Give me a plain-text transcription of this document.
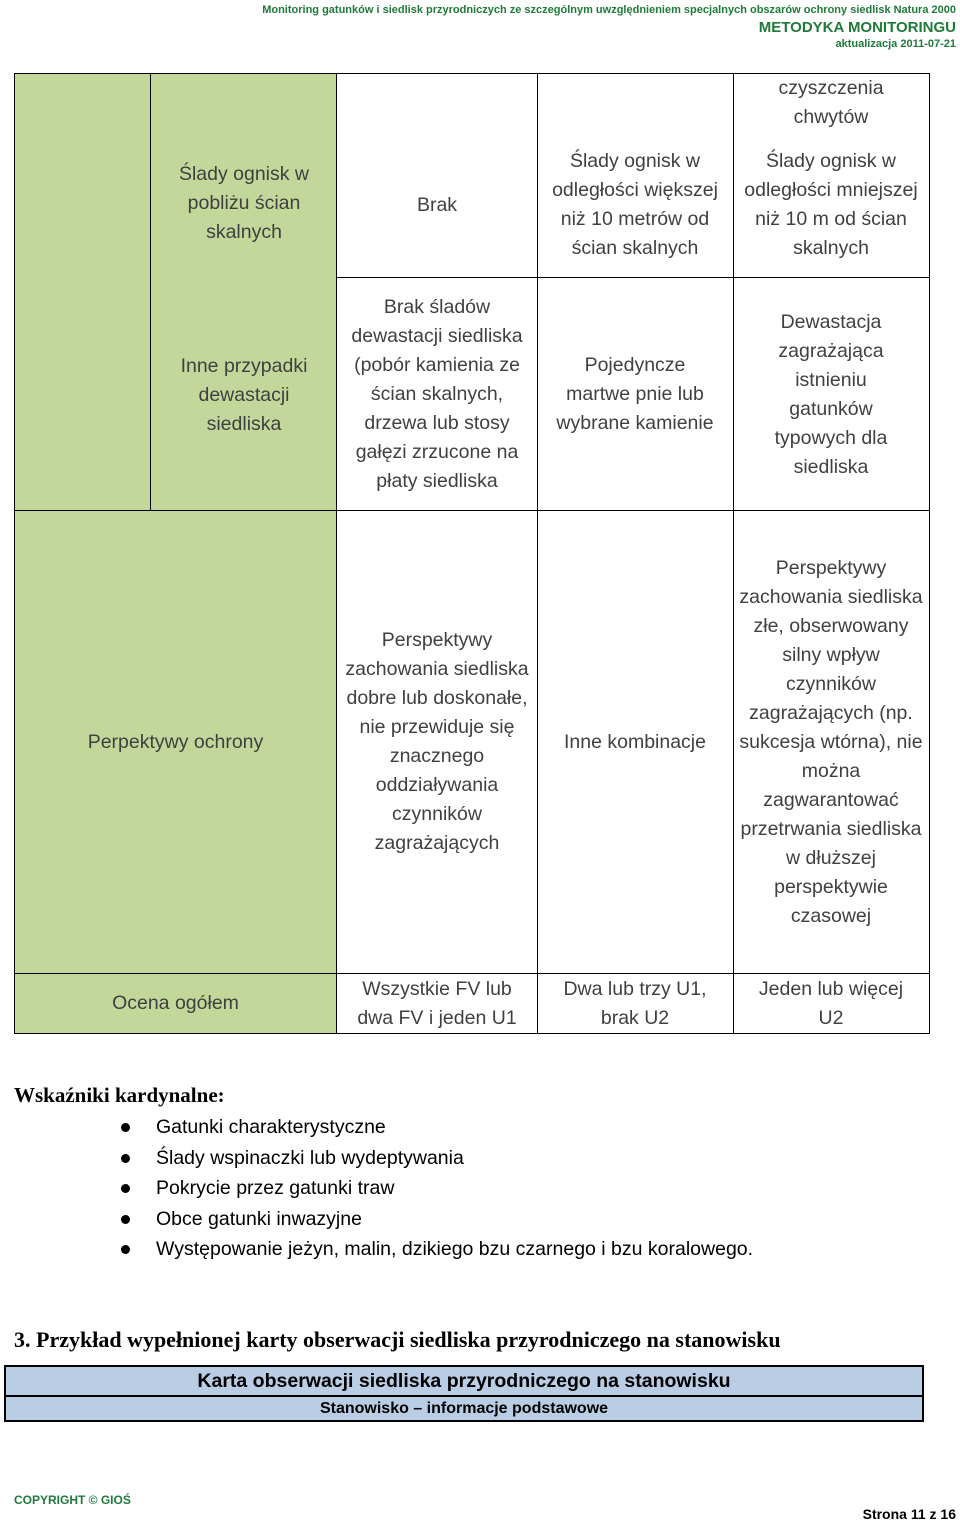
Monitoring gatunków i siedlisk przyrodniczych ze szczególnym uwzględnieniem specjalnych obszarów ochrony siedlisk Natura 2000
METODYKA MONITORINGU
aktualizacja 2011-07-21
Ślady ognisk w pobliżu ścian skalnych
Brak
Ślady ognisk w odległości większej niż 10 metrów od ścian skalnych
czyszczenia chwytów
Ślady ognisk w odległości mniejszej niż 10 m od ścian skalnych
Inne przypadki dewastacji siedliska
Brak śladów dewastacji siedliska (pobór kamienia ze ścian skalnych, drzewa lub stosy gałęzi zrzucone na płaty siedliska
Pojedyncze martwe pnie lub wybrane kamienie
Dewastacja zagrażająca istnieniu gatunków typowych dla siedliska
Perpektywy ochrony
Perspektywy zachowania siedliska dobre lub doskonałe, nie przewiduje się znacznego oddziaływania czynników zagrażających
Inne kombinacje
Perspektywy zachowania siedliska złe, obserwowany silny wpływ czynników zagrażających (np. sukcesja wtórna), nie można zagwarantować przetrwania siedliska w dłuższej perspektywie czasowej
Ocena ogółem
Wszystkie FV lub dwa FV i jeden U1
Dwa lub trzy U1, brak U2
Jeden lub więcej U2
Wskaźniki kardynalne:
Gatunki charakterystyczne
Ślady wspinaczki lub wydeptywania
Pokrycie przez gatunki traw
Obce gatunki inwazyjne
Występowanie jeżyn, malin, dzikiego bzu czarnego i bzu koralowego.
3. Przykład wypełnionej karty obserwacji siedliska przyrodniczego na stanowisku
Karta obserwacji siedliska przyrodniczego na stanowisku
Stanowisko – informacje podstawowe
COPYRIGHT © GIOŚ
Strona 11 z 16
